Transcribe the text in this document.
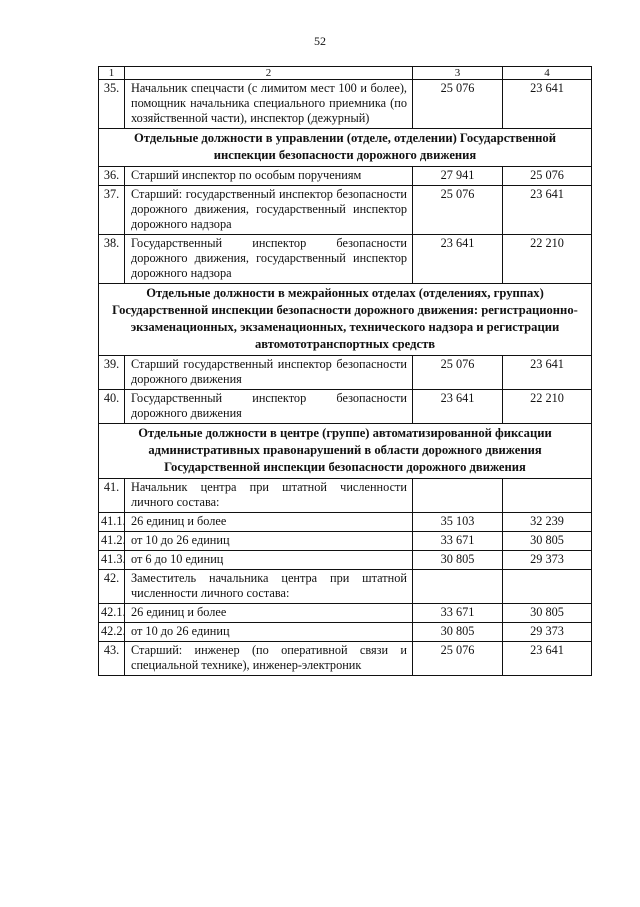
52
1	2	3	4
35.	Начальник спецчасти (с лимитом мест 100 и более), помощник начальника специального приемника (по хозяйственной части), инспектор (дежурный)	25 076	23 641
Отдельные должности в управлении (отделе, отделении) Государственной инспекции безопасности дорожного движения			
36.	Старший инспектор по особым поручениям	27 941	25 076
37.	Старший: государственный инспектор безопасности дорожного движения, государственный инспектор дорожного надзора	25 076	23 641
38.	Государственный инспектор безопасности дорожного движения, государственный инспектор дорожного надзора	23 641	22 210
Отдельные должности в межрайонных отделах (отделениях, группах) Государственной инспекции безопасности дорожного движения: регистрационно-экзаменационных, экзаменационных, технического надзора и регистрации автомототранспортных средств			
39.	Старший государственный инспектор безопасности дорожного движения	25 076	23 641
40.	Государственный инспектор безопасности дорожного движения	23 641	22 210
Отдельные должности в центре (группе) автоматизированной фиксации административных правонарушений в области дорожного движения Государственной инспекции безопасности дорожного движения			
41.	Начальник центра при штатной численности личного состава:		
41.1.	26 единиц и более	35 103	32 239
41.2.	от 10 до 26 единиц	33 671	30 805
41.3.	от 6 до 10 единиц	30 805	29 373
42.	Заместитель начальника центра при штатной численности личного состава:		
42.1.	26 единиц и более	33 671	30 805
42.2.	от 10 до 26 единиц	30 805	29 373
43.	Старший: инженер (по оперативной связи и специальной технике), инженер-электроник	25 076	23 641
